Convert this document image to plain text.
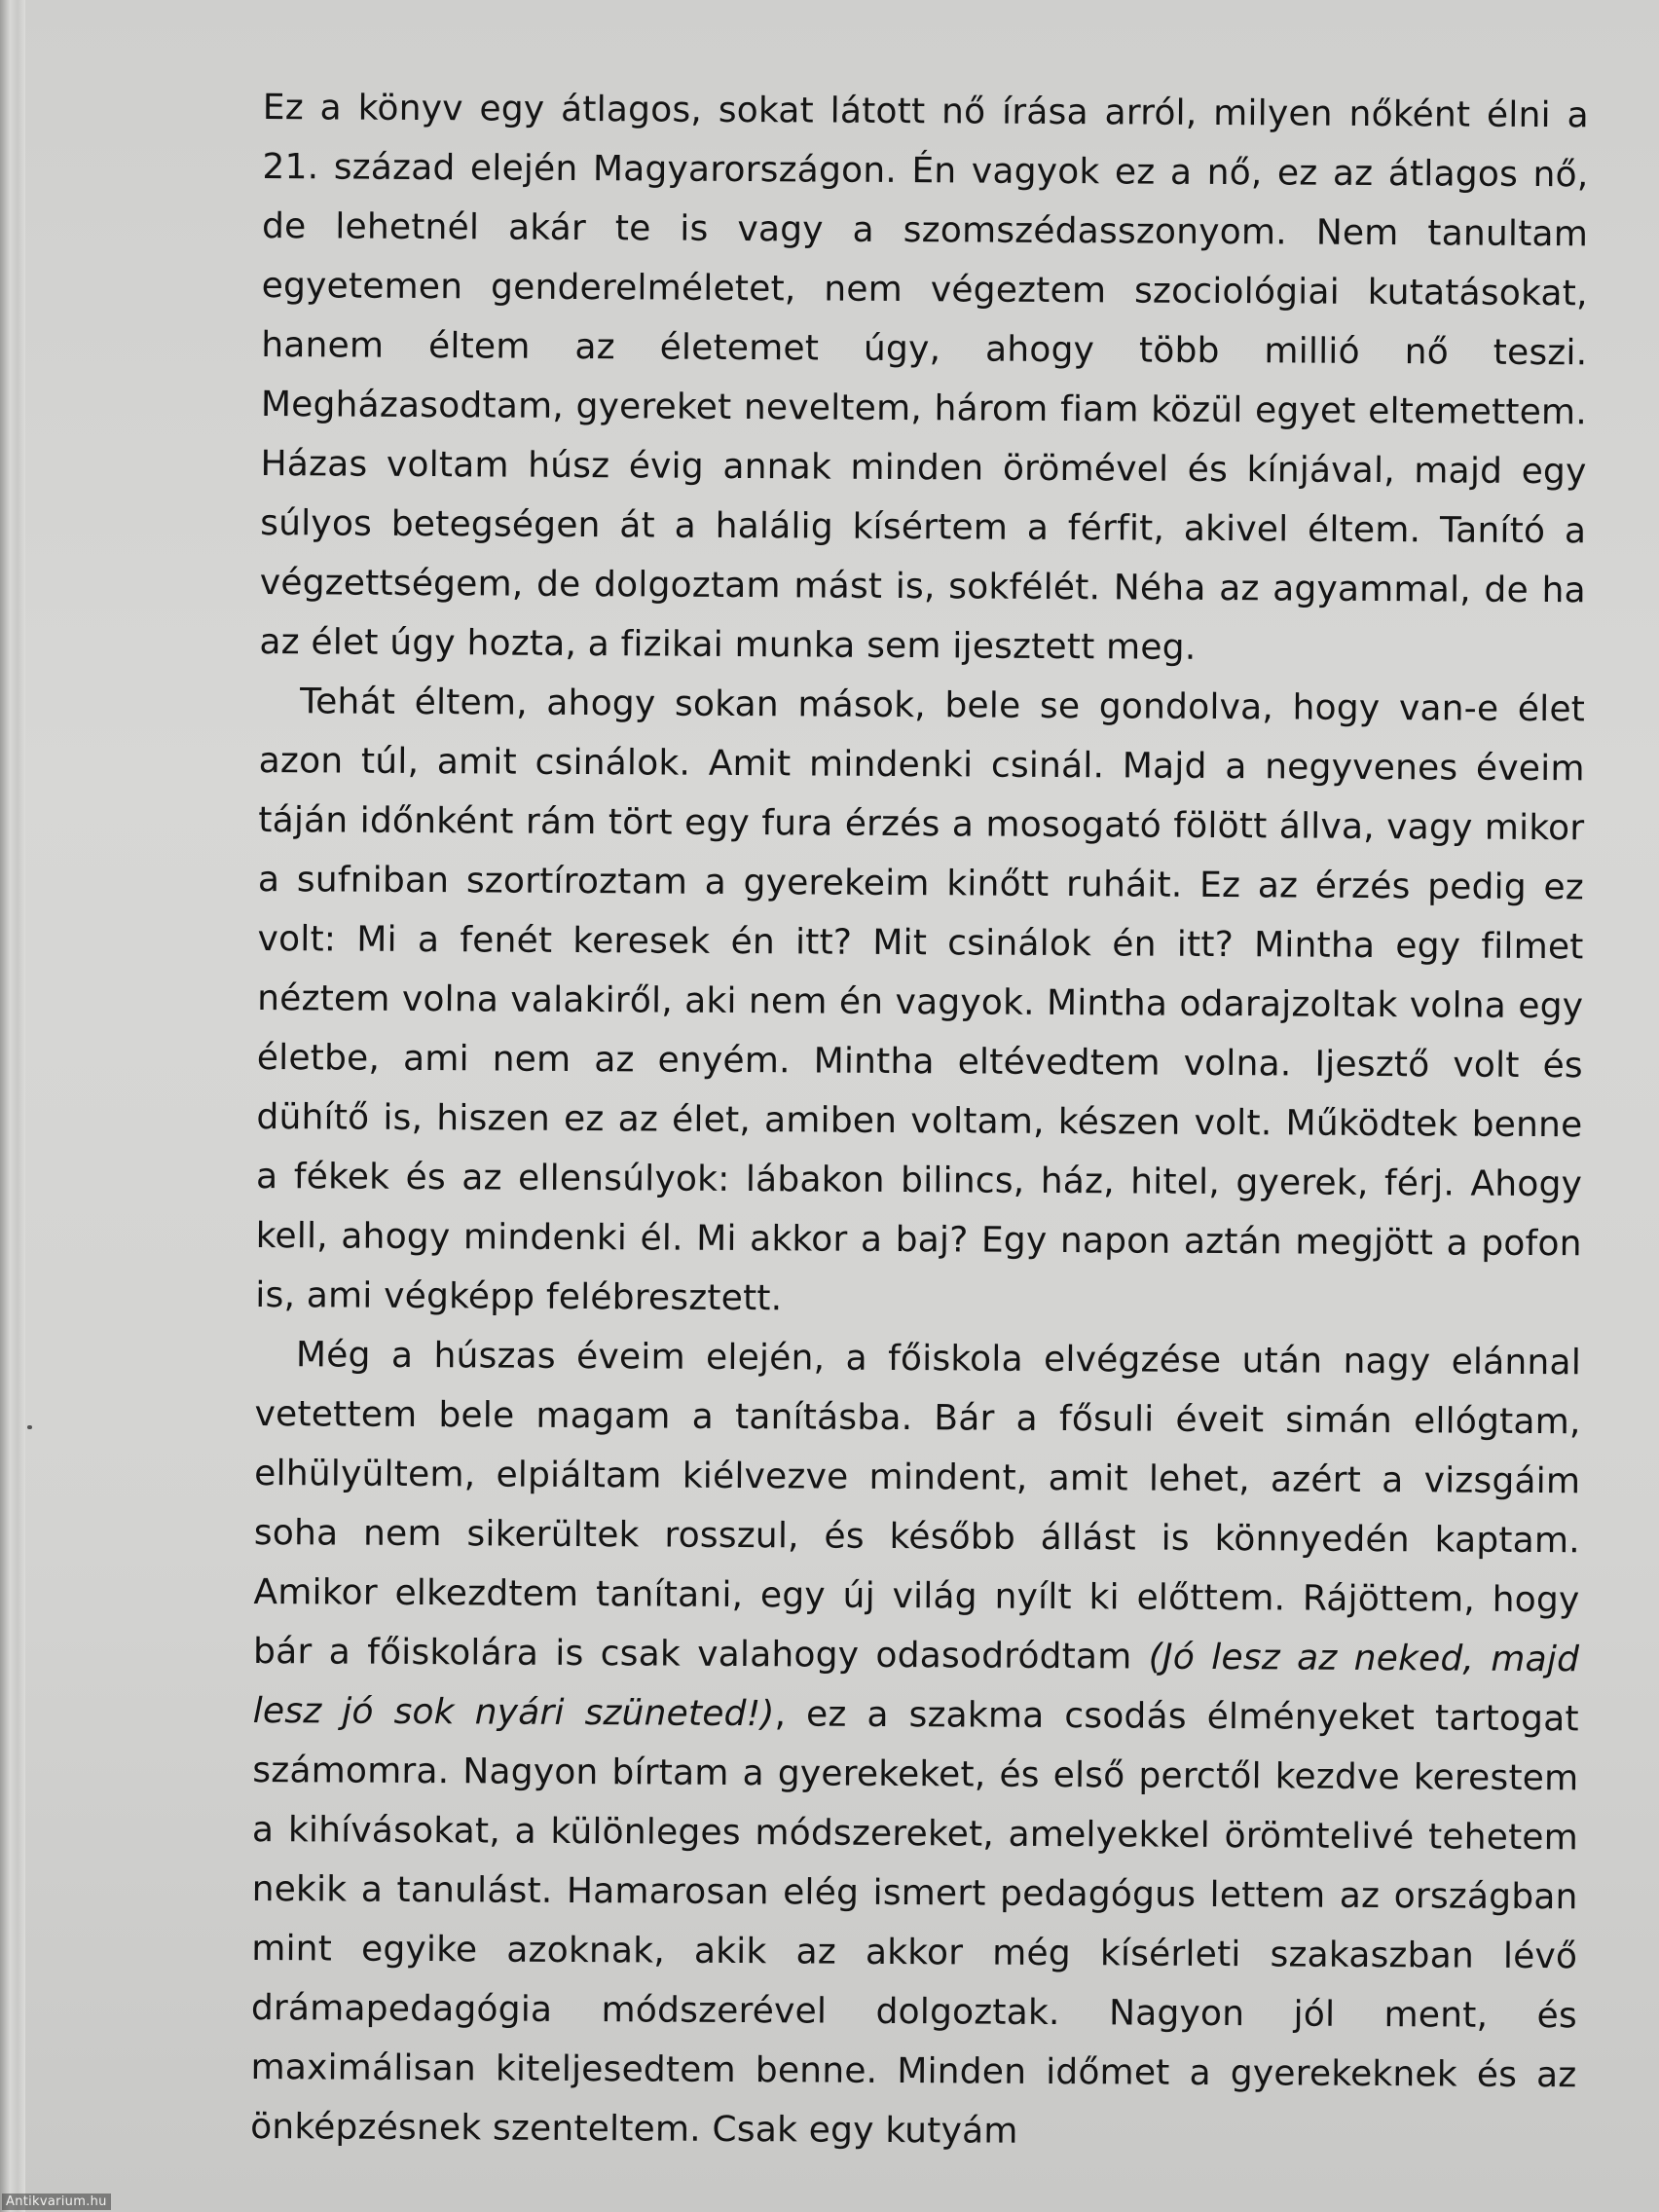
Ez a könyv egy átlagos, sokat látott nő írása arról, milyen nőként élni a 21. század elején Magyarországon. Én vagyok ez a nő, ez az átlagos nő, de lehetnél akár te is vagy a szomszédasszonyom. Nem tanultam egyetemen genderelméletet, nem végeztem szociológiai kutatásokat, hanem éltem az életemet úgy, ahogy több millió nő teszi. Megházasodtam, gyereket neveltem, három fiam közül egyet eltemettem. Házas voltam húsz évig annak minden örömével és kínjával, majd egy súlyos betegségen át a halálig kísértem a férfit, akivel éltem. Tanító a végzettségem, de dolgoztam mást is, sokfélét. Néha az agyammal, de ha az élet úgy hozta, a fizikai munka sem ijesztett meg.

Tehát éltem, ahogy sokan mások, bele se gondolva, hogy van-e élet azon túl, amit csinálok. Amit mindenki csinál. Majd a negyvenes éveim táján időnként rám tört egy fura érzés a mosogató fölött állva, vagy mikor a sufniban szortíroztam a gyerekeim kinőtt ruháit. Ez az érzés pedig ez volt: Mi a fenét keresek én itt? Mit csinálok én itt? Mintha egy filmet néztem volna valakiről, aki nem én vagyok. Mintha odarajzoltak volna egy életbe, ami nem az enyém. Mintha eltévedtem volna. Ijesztő volt és dühítő is, hiszen ez az élet, amiben voltam, készen volt. Működtek benne a fékek és az ellensúlyok: lábakon bilincs, ház, hitel, gyerek, férj. Ahogy kell, ahogy mindenki él. Mi akkor a baj? Egy napon aztán megjött a pofon is, ami végképp felébresztett.

Még a húszas éveim elején, a főiskola elvégzése után nagy elánnal vetettem bele magam a tanításba. Bár a fősuli éveit simán ellógtam, elhülyültem, elpiáltam kiélvezve mindent, amit lehet, azért a vizsgáim soha nem sikerültek rosszul, és később állást is könnyedén kaptam. Amikor elkezdtem tanítani, egy új világ nyílt ki előttem. Rájöttem, hogy bár a főiskolára is csak valahogy odasodródtam (Jó lesz az neked, majd lesz jó sok nyári szüneted!), ez a szakma csodás élményeket tartogat számomra. Nagyon bírtam a gyerekeket, és első perctől kezdve kerestem a kihívásokat, a különleges módszereket, amelyekkel örömtelivé tehetem nekik a tanulást. Hamarosan elég ismert pedagógus lettem az országban mint egyike azoknak, akik az akkor még kísérleti szakaszban lévő drámapedagógia módszerével dolgoztak. Nagyon jól ment, és maximálisan kiteljesedtem benne. Minden időmet a gyerekeknek és az önképzésnek szenteltem. Csak egy kutyám

Antikvarium.hu
